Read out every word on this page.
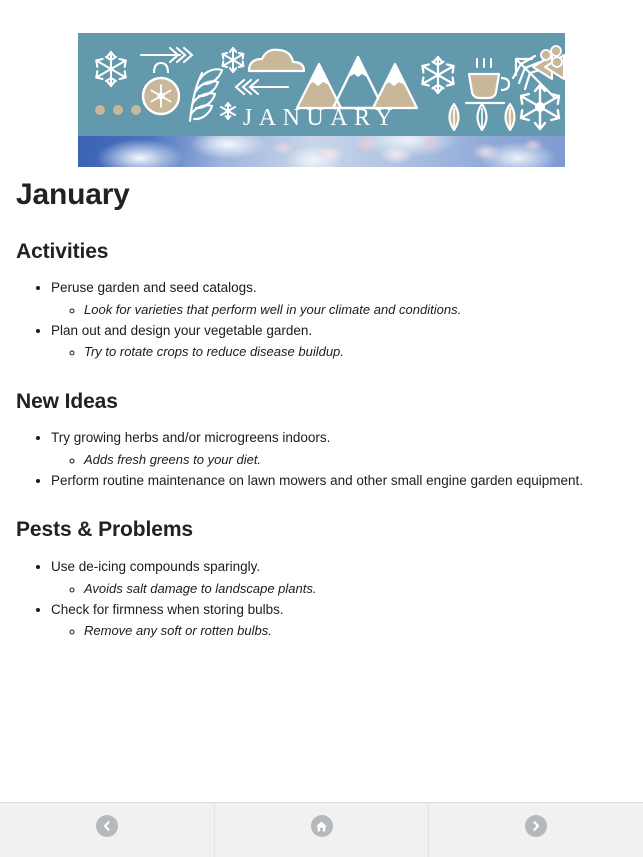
JANUARY
January
Activities
• Peruse garden and seed catalogs.
◦ Look for varieties that perform well in your climate and conditions.
• Plan out and design your vegetable garden.
◦ Try to rotate crops to reduce disease buildup.
New Ideas
• Try growing herbs and/or microgreens indoors.
◦ Adds fresh greens to your diet.
• Perform routine maintenance on lawn mowers and other small engine garden equipment.
Pests & Problems
• Use de-icing compounds sparingly.
◦ Avoids salt damage to landscape plants.
• Check for firmness when storing bulbs.
◦ Remove any soft or rotten bulbs.
